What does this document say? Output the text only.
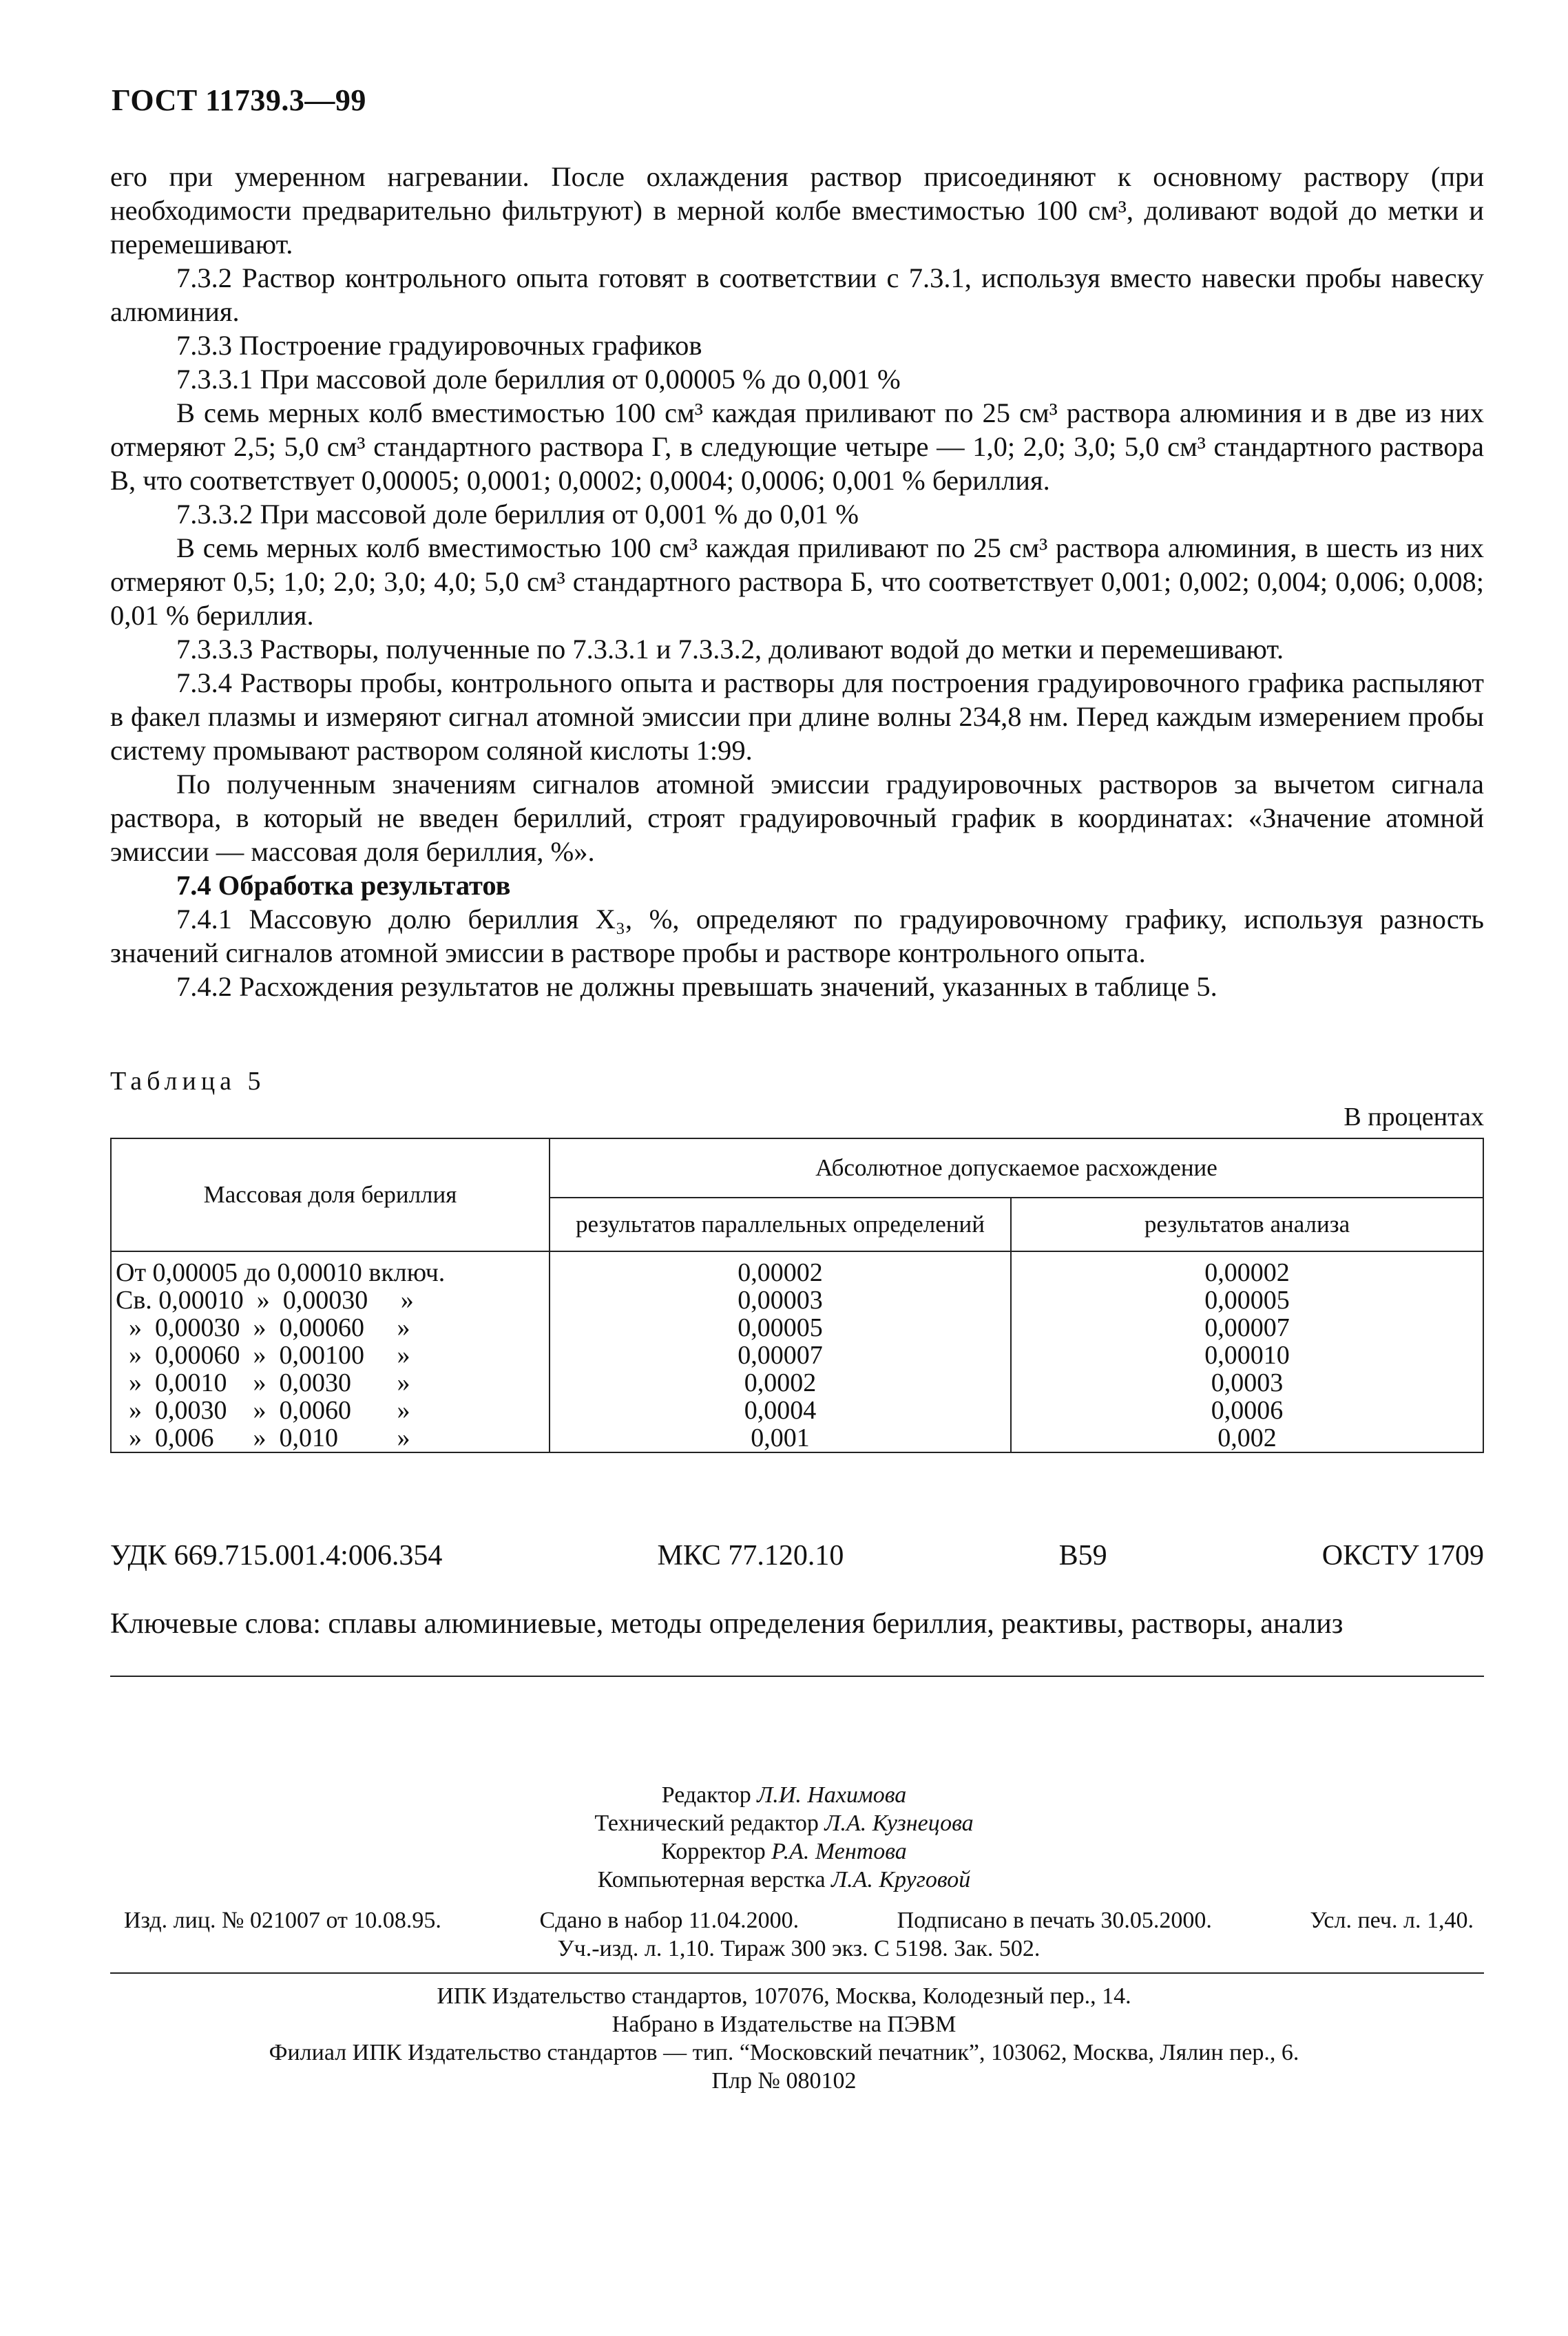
ГОСТ 11739.3—99

его при умеренном нагревании. После охлаждения раствор присоединяют к основному раствору (при необходимости предварительно фильтруют) в мерной колбе вместимостью 100 см³, доливают водой до метки и перемешивают.

7.3.2 Раствор контрольного опыта готовят в соответствии с 7.3.1, используя вместо навески пробы навеску алюминия.

7.3.3 Построение градуировочных графиков

7.3.3.1 При массовой доле бериллия от 0,00005 % до 0,001 %

В семь мерных колб вместимостью 100 см³ каждая приливают по 25 см³ раствора алюминия и в две из них отмеряют 2,5; 5,0 см³ стандартного раствора Г, в следующие четыре — 1,0; 2,0; 3,0; 5,0 см³ стандартного раствора В, что соответствует 0,00005; 0,0001; 0,0002; 0,0004; 0,0006; 0,001 % бериллия.

7.3.3.2 При массовой доле бериллия от 0,001 % до 0,01 %

В семь мерных колб вместимостью 100 см³ каждая приливают по 25 см³ раствора алюминия, в шесть из них отмеряют 0,5; 1,0; 2,0; 3,0; 4,0; 5,0 см³ стандартного раствора Б, что соответствует 0,001; 0,002; 0,004; 0,006; 0,008; 0,01 % бериллия.

7.3.3.3 Растворы, полученные по 7.3.3.1 и 7.3.3.2, доливают водой до метки и перемешивают.

7.3.4 Растворы пробы, контрольного опыта и растворы для построения градуировочного графика распыляют в факел плазмы и измеряют сигнал атомной эмиссии при длине волны 234,8 нм. Перед каждым измерением пробы систему промывают раствором соляной кислоты 1:99.

По полученным значениям сигналов атомной эмиссии градуировочных растворов за вычетом сигнала раствора, в который не введен бериллий, строят градуировочный график в координатах: «Значение атомной эмиссии — массовая доля бериллия, %».

7.4 Обработка результатов

7.4.1 Массовую долю бериллия X₃, %, определяют по градуировочному графику, используя разность значений сигналов атомной эмиссии в растворе пробы и растворе контрольного опыта.

7.4.2 Расхождения результатов не должны превышать значений, указанных в таблице 5.

Таблица 5
В процентах
Массовая доля бериллия	Абсолютное допускаемое расхождение	
	результатов параллельных определений	результатов анализа
От 0,00005 до 0,00010 включ.	0,00002	0,00002
Св. 0,00010  »  0,00030     »	0,00003	0,00005
»  0,00030  »  0,00060     »	0,00005	0,00007
»  0,00060  »  0,00100     »	0,00007	0,00010
»  0,0010    »  0,0030       »	0,0002	0,0003
»  0,0030    »  0,0060       »	0,0004	0,0006
»  0,006      »  0,010         »	0,001	0,002
УДК 669.715.001.4:006.354	МКС 77.120.10	В59	ОКСТУ 1709
Ключевые слова: сплавы алюминиевые, методы определения бериллия, реактивы, растворы, анализ
Редактор Л.И. Нахимова
Технический редактор Л.А. Кузнецова
Корректор Р.А. Ментова
Компьютерная верстка Л.А. Круговой
Изд. лиц. № 021007 от 10.08.95.	Сдано в набор 11.04.2000.	Подписано в печать 30.05.2000.	Усл. печ. л. 1,40.
Уч.-изд. л. 1,10. Тираж 300 экз. С 5198. Зак. 502.
ИПК Издательство стандартов, 107076, Москва, Колодезный пер., 14.
Набрано в Издательстве на ПЭВМ
Филиал ИПК Издательство стандартов — тип. “Московский печатник”, 103062, Москва, Лялин пер., 6.
Плр № 080102
